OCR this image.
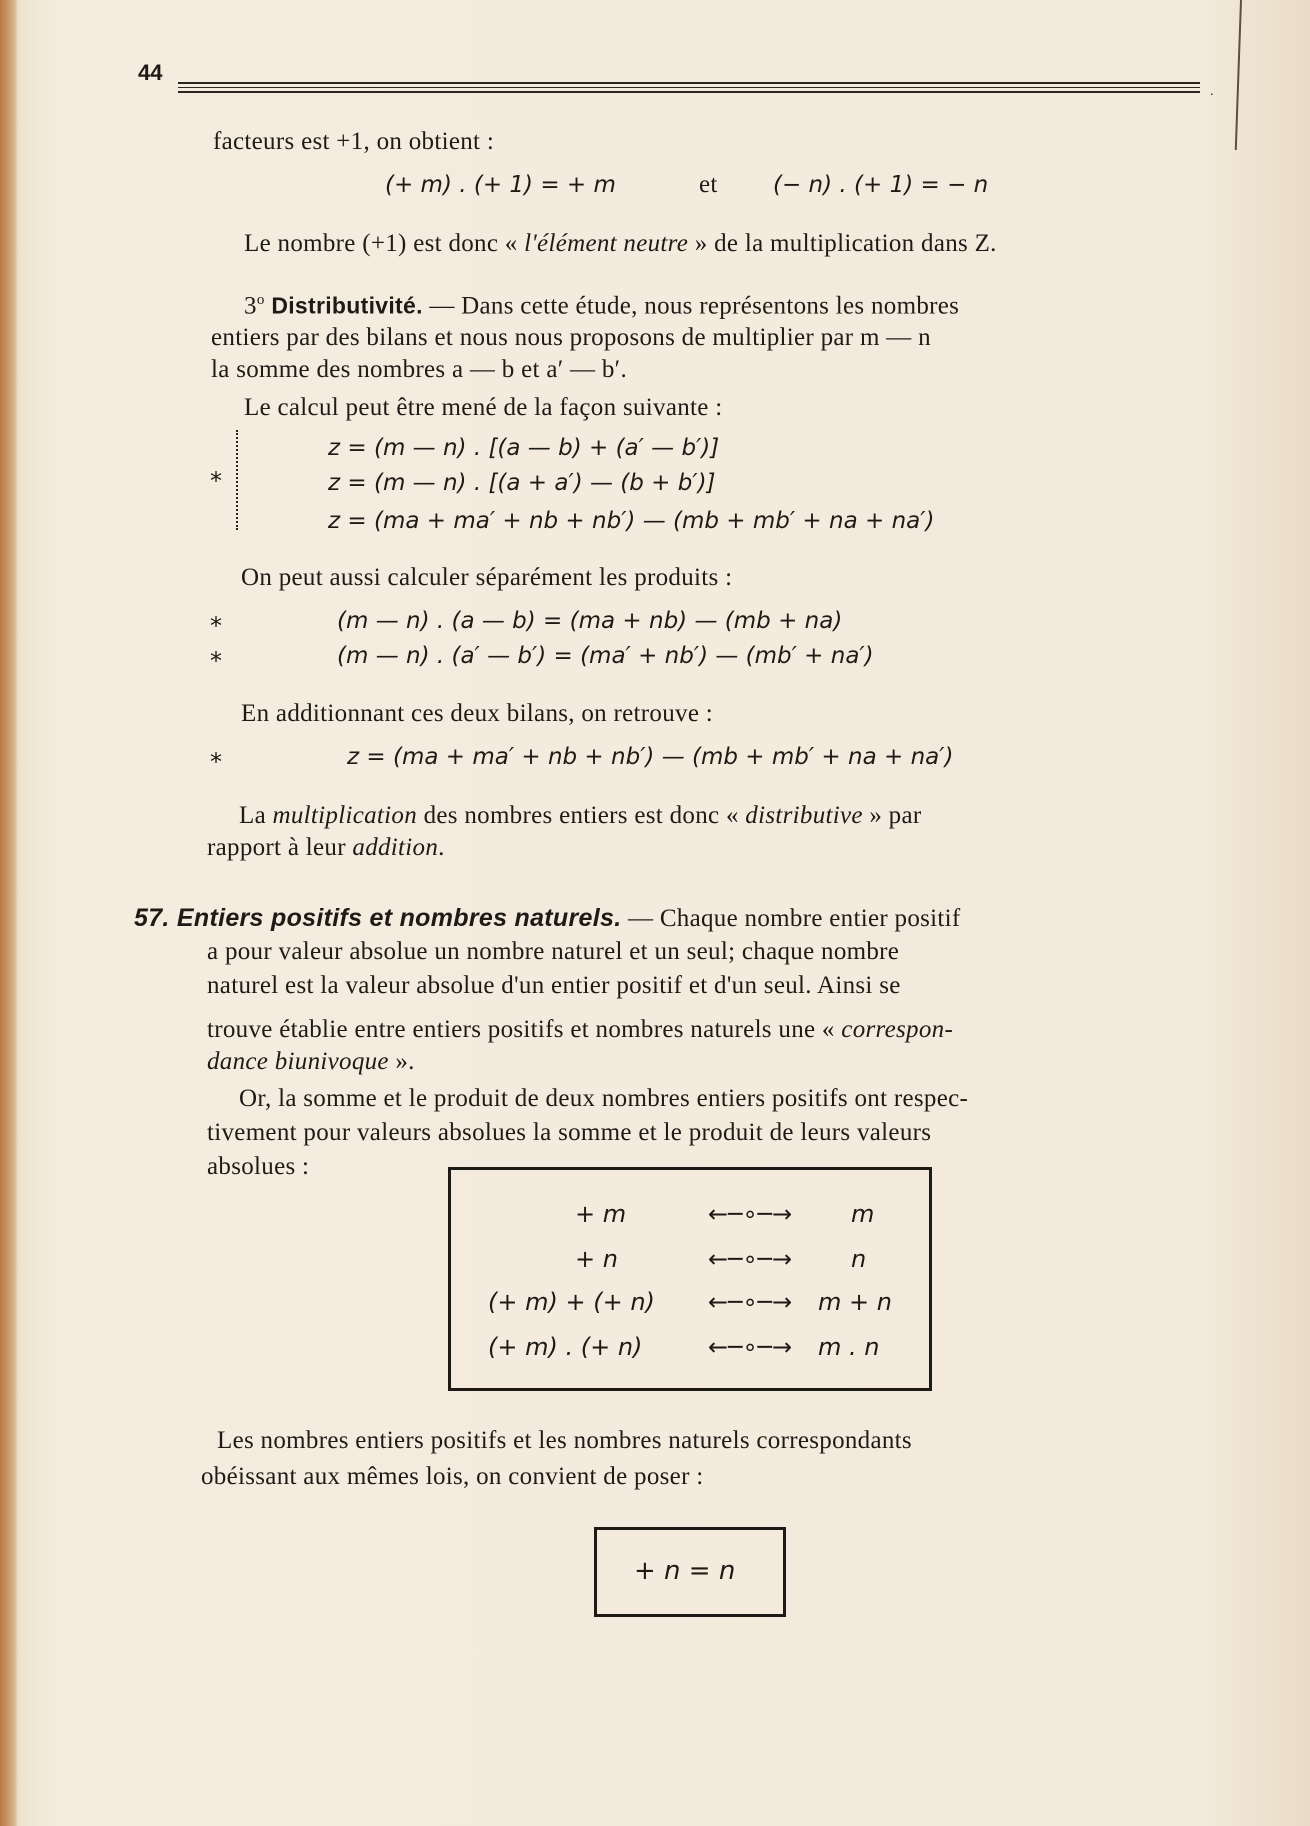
44
.
facteurs est +1, on obtient :
(+ m) . (+ 1) = + m	et (− n) . (+ 1) = − n
Le nombre (+1) est donc « l'élément neutre » de la multiplication dans Z.
3$^o$ Distributivité. — Dans cette étude, nous représentons les nombres
entiers par des bilans et nous nous proposons de multiplier par m — n
la somme des nombres a — b et a′ — b′.
Le calcul peut être mené de la façon suivante :
*
z = (m — n) . [(a — b) + (a′ — b′)]
z = (m — n) . [(a + a′) — (b + b′)]
z = (ma + ma′ + nb + nb′) — (mb + mb′ + na + na′)
On peut aussi calculer séparément les produits :
*	(m — n) . (a — b) = (ma + nb) — (mb + na)
*	(m — n) . (a′ — b′) = (ma′ + nb′) — (mb′ + na′)
En additionnant ces deux bilans, on retrouve :
*	z = (ma + ma′ + nb + nb′) — (mb + mb′ + na + na′)
La multiplication des nombres entiers est donc « distributive » par
rapport à leur addition.
57. Entiers positifs et nombres naturels. — Chaque nombre entier positif
a pour valeur absolue un nombre naturel et un seul; chaque nombre
naturel est la valeur absolue d'un entier positif et d'un seul. Ainsi se
trouve établie entre entiers positifs et nombres naturels une « correspon-
dance biunivoque ».
Or, la somme et le produit de deux nombres entiers positifs ont respec-
tivement pour valeurs absolues la somme et le produit de leurs valeurs
absolues :
+ m	←─∘─→ m
+ n	←─∘─→ n
(+ m) + (+ n) ←─∘─→ m + n
(+ m) . (+ n)	←─∘─→ m . n
Les nombres entiers positifs et les nombres naturels correspondants
obéissant aux mêmes lois, on convient de poser :
+ n = n
